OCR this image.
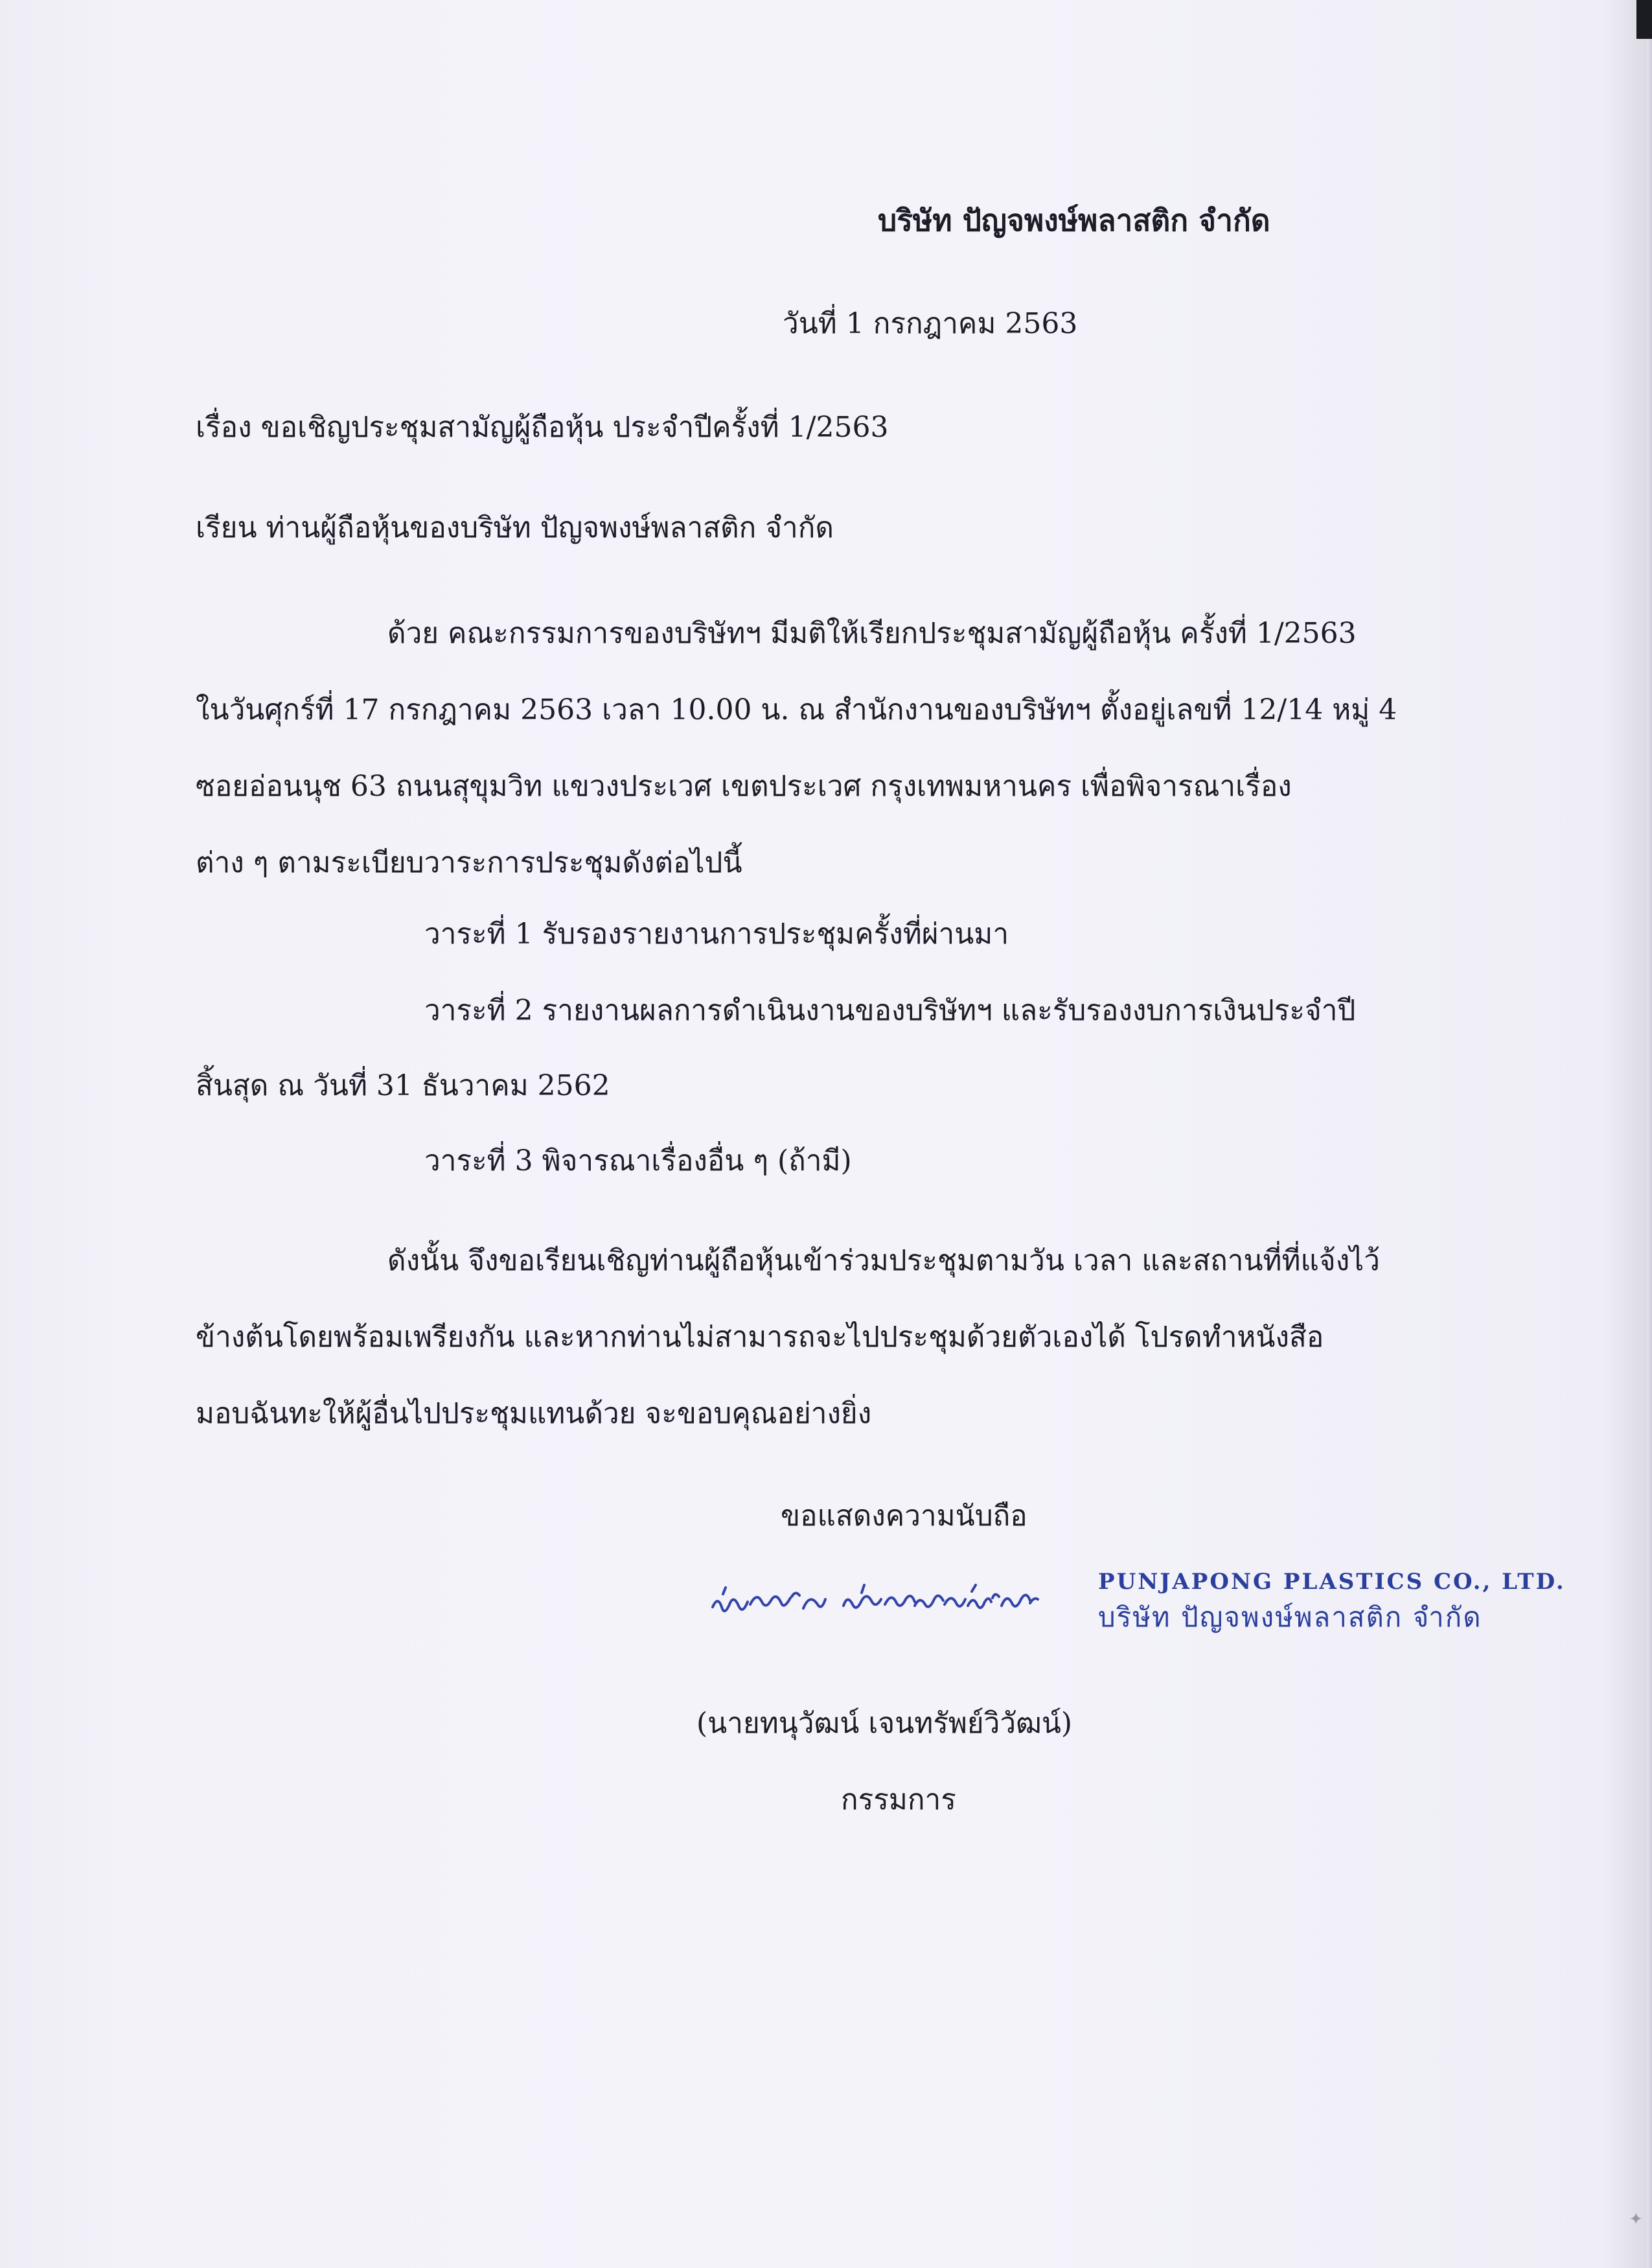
บริษัท ปัญจพงษ์พลาสติก จำกัด
วันที่ 1 กรกฎาคม 2563
เรื่อง ขอเชิญประชุมสามัญผู้ถือหุ้น ประจำปีครั้งที่ 1/2563
เรียน ท่านผู้ถือหุ้นของบริษัท ปัญจพงษ์พลาสติก จำกัด
ด้วย คณะกรรมการของบริษัทฯ มีมติให้เรียกประชุมสามัญผู้ถือหุ้น ครั้งที่ 1/2563
ในวันศุกร์ที่ 17 กรกฎาคม 2563 เวลา 10.00 น. ณ สำนักงานของบริษัทฯ ตั้งอยู่เลขที่ 12/14 หมู่ 4
ซอยอ่อนนุช 63 ถนนสุขุมวิท แขวงประเวศ เขตประเวศ กรุงเทพมหานคร เพื่อพิจารณาเรื่อง
ต่าง ๆ ตามระเบียบวาระการประชุมดังต่อไปนี้
วาระที่ 1 รับรองรายงานการประชุมครั้งที่ผ่านมา
วาระที่ 2 รายงานผลการดำเนินงานของบริษัทฯ และรับรองงบการเงินประจำปี
สิ้นสุด ณ วันที่ 31 ธันวาคม 2562
วาระที่ 3 พิจารณาเรื่องอื่น ๆ (ถ้ามี)
ดังนั้น จึงขอเรียนเชิญท่านผู้ถือหุ้นเข้าร่วมประชุมตามวัน เวลา และสถานที่ที่แจ้งไว้
ข้างต้นโดยพร้อมเพรียงกัน และหากท่านไม่สามารถจะไปประชุมด้วยตัวเองได้ โปรดทำหนังสือ
มอบฉันทะให้ผู้อื่นไปประชุมแทนด้วย จะขอบคุณอย่างยิ่ง
ขอแสดงความนับถือ
PUNJAPONG PLASTICS CO., LTD.
บริษัท ปัญจพงษ์พลาสติก จำกัด
(นายทนุวัฒน์ เจนทรัพย์วิวัฒน์)
กรรมการ
✦
